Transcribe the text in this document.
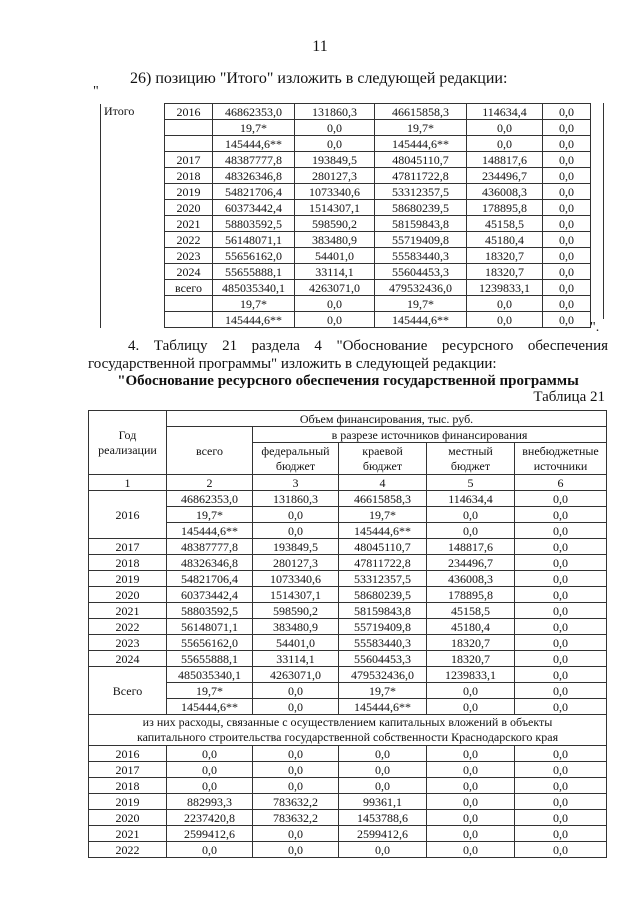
11
26) позицию "Итого" изложить в следующей редакции:
"
Итого	2016	46862353,0	131860,3	46615858,3	114634,4	0,0
		19,7*	0,0	19,7*	0,0	0,0
		145444,6**	0,0	145444,6**	0,0	0,0
	2017	48387777,8	193849,5	48045110,7	148817,6	0,0
	2018	48326346,8	280127,3	47811722,8	234496,7	0,0
	2019	54821706,4	1073340,6	53312357,5	436008,3	0,0
	2020	60373442,4	1514307,1	58680239,5	178895,8	0,0
	2021	58803592,5	598590,2	58159843,8	45158,5	0,0
	2022	56148071,1	383480,9	55719409,8	45180,4	0,0
	2023	55656162,0	54401,0	55583440,3	18320,7	0,0
	2024	55655888,1	33114,1	55604453,3	18320,7	0,0
	всего	485035340,1	4263071,0	479532436,0	1239833,1	0,0
		19,7*	0,0	19,7*	0,0	0,0
		145444,6**	0,0	145444,6**	0,0	0,0
".
4. Таблицу 21 раздела 4 "Обоснование ресурсного обеспечения государственной программы" изложить в следующей редакции:
"Обоснование ресурсного обеспечения государственной программы
Таблица 21
Год реализации	Объем финансирования, тыс. руб.				
	всего	в разрезе источников финансирования			
		федеральный бюджет	краевой бюджет	местный бюджет	внебюджетные источники
1	2	3	4	5	6
2016	46862353,0	131860,3	46615858,3	114634,4	0,0
	19,7*	0,0	19,7*	0,0	0,0
	145444,6**	0,0	145444,6**	0,0	0,0
2017	48387777,8	193849,5	48045110,7	148817,6	0,0
2018	48326346,8	280127,3	47811722,8	234496,7	0,0
2019	54821706,4	1073340,6	53312357,5	436008,3	0,0
2020	60373442,4	1514307,1	58680239,5	178895,8	0,0
2021	58803592,5	598590,2	58159843,8	45158,5	0,0
2022	56148071,1	383480,9	55719409,8	45180,4	0,0
2023	55656162,0	54401,0	55583440,3	18320,7	0,0
2024	55655888,1	33114,1	55604453,3	18320,7	0,0
Всего	485035340,1	4263071,0	479532436,0	1239833,1	0,0
	19,7*	0,0	19,7*	0,0	0,0
	145444,6**	0,0	145444,6**	0,0	0,0
из них расходы, связанные с осуществлением капитальных вложений в объекты капитального строительства государственной собственности Краснодарского края					
2016	0,0	0,0	0,0	0,0	0,0
2017	0,0	0,0	0,0	0,0	0,0
2018	0,0	0,0	0,0	0,0	0,0
2019	882993,3	783632,2	99361,1	0,0	0,0
2020	2237420,8	783632,2	1453788,6	0,0	0,0
2021	2599412,6	0,0	2599412,6	0,0	0,0
2022	0,0	0,0	0,0	0,0	0,0
